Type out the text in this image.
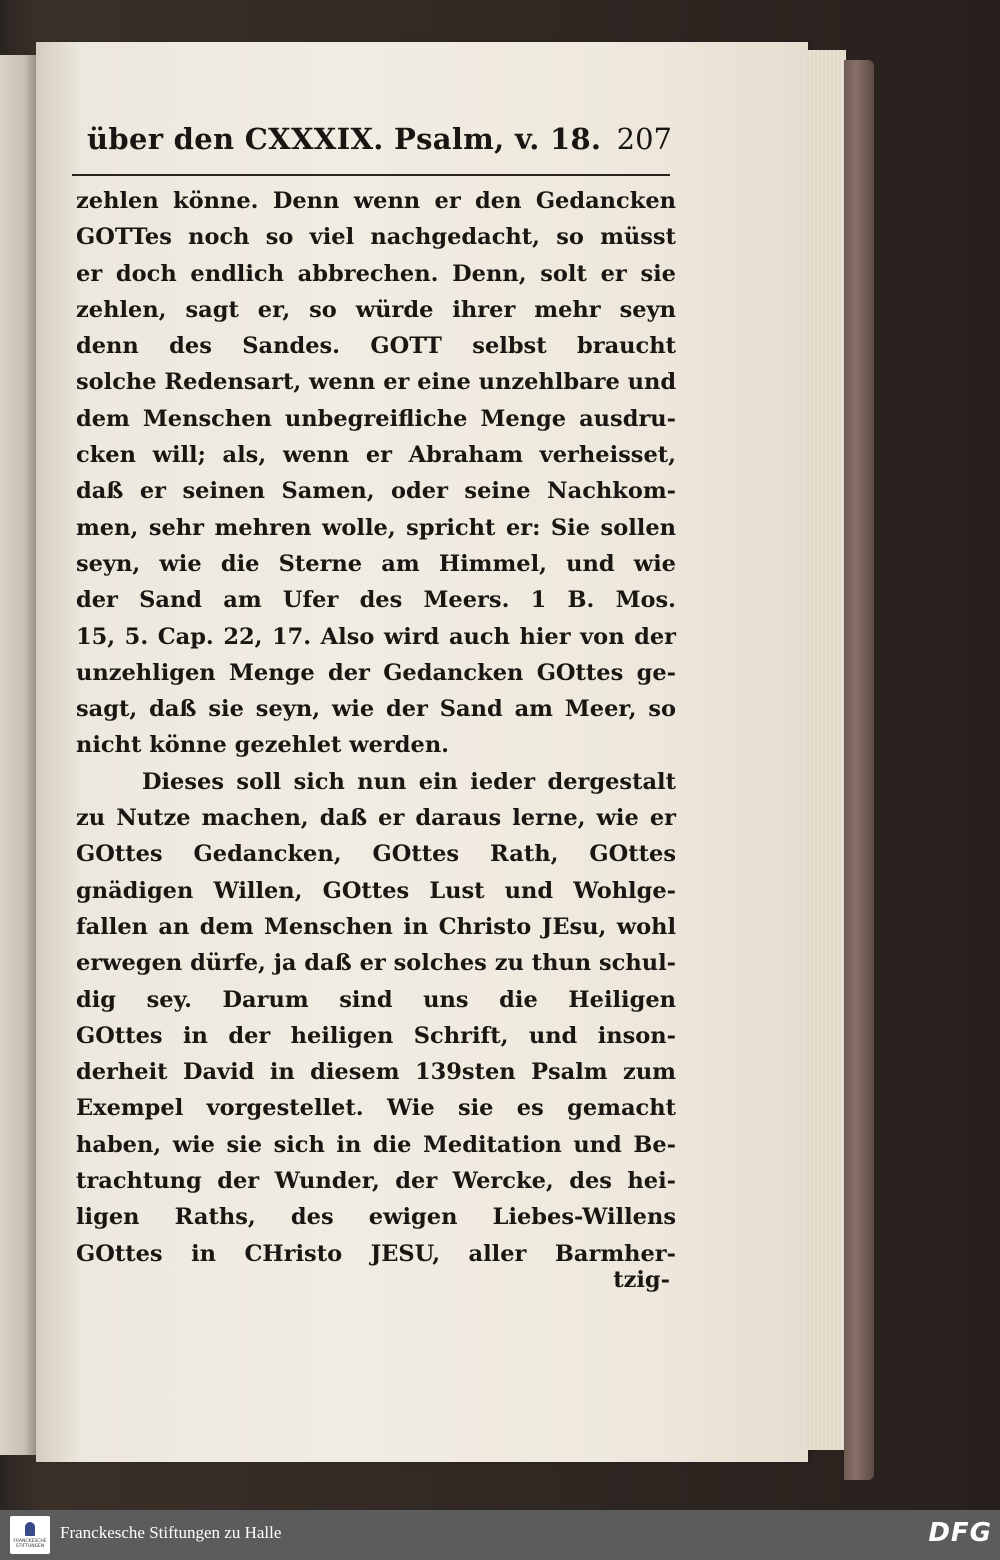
über den CXXXIX. Psalm, v. 18. 207
zehlen könne. Denn wenn er den Gedancken
GOTTes noch so viel nachgedacht, so müsst
er doch endlich abbrechen. Denn, solt er sie
zehlen, sagt er, so würde ihrer mehr seyn
denn des Sandes. GOTT selbst braucht
solche Redensart, wenn er eine unzehlbare und
dem Menschen unbegreifliche Menge ausdru-
cken will; als, wenn er Abraham verheisset,
daß er seinen Samen, oder seine Nachkom-
men, sehr mehren wolle, spricht er: Sie sollen
seyn, wie die Sterne am Himmel, und wie
der Sand am Ufer des Meers. 1 B. Mos.
15, 5. Cap. 22, 17. Also wird auch hier von der
unzehligen Menge der Gedancken GOttes ge-
sagt, daß sie seyn, wie der Sand am Meer, so
nicht könne gezehlet werden.
Dieses soll sich nun ein ieder dergestalt
zu Nutze machen, daß er daraus lerne, wie er
GOttes Gedancken, GOttes Rath, GOttes
gnädigen Willen, GOttes Lust und Wohlge-
fallen an dem Menschen in Christo JEsu, wohl
erwegen dürfe, ja daß er solches zu thun schul-
dig sey. Darum sind uns die Heiligen
GOttes in der heiligen Schrift, und inson-
derheit David in diesem 139sten Psalm zum
Exempel vorgestellet. Wie sie es gemacht
haben, wie sie sich in die Meditation und Be-
trachtung der Wunder, der Wercke, des hei-
ligen Raths, des ewigen Liebes-Willens
GOttes in CHristo JESU, aller Barmher-
tzig-
FRANCKESCHE STIFTUNGEN
Franckesche Stiftungen zu Halle	DFG
